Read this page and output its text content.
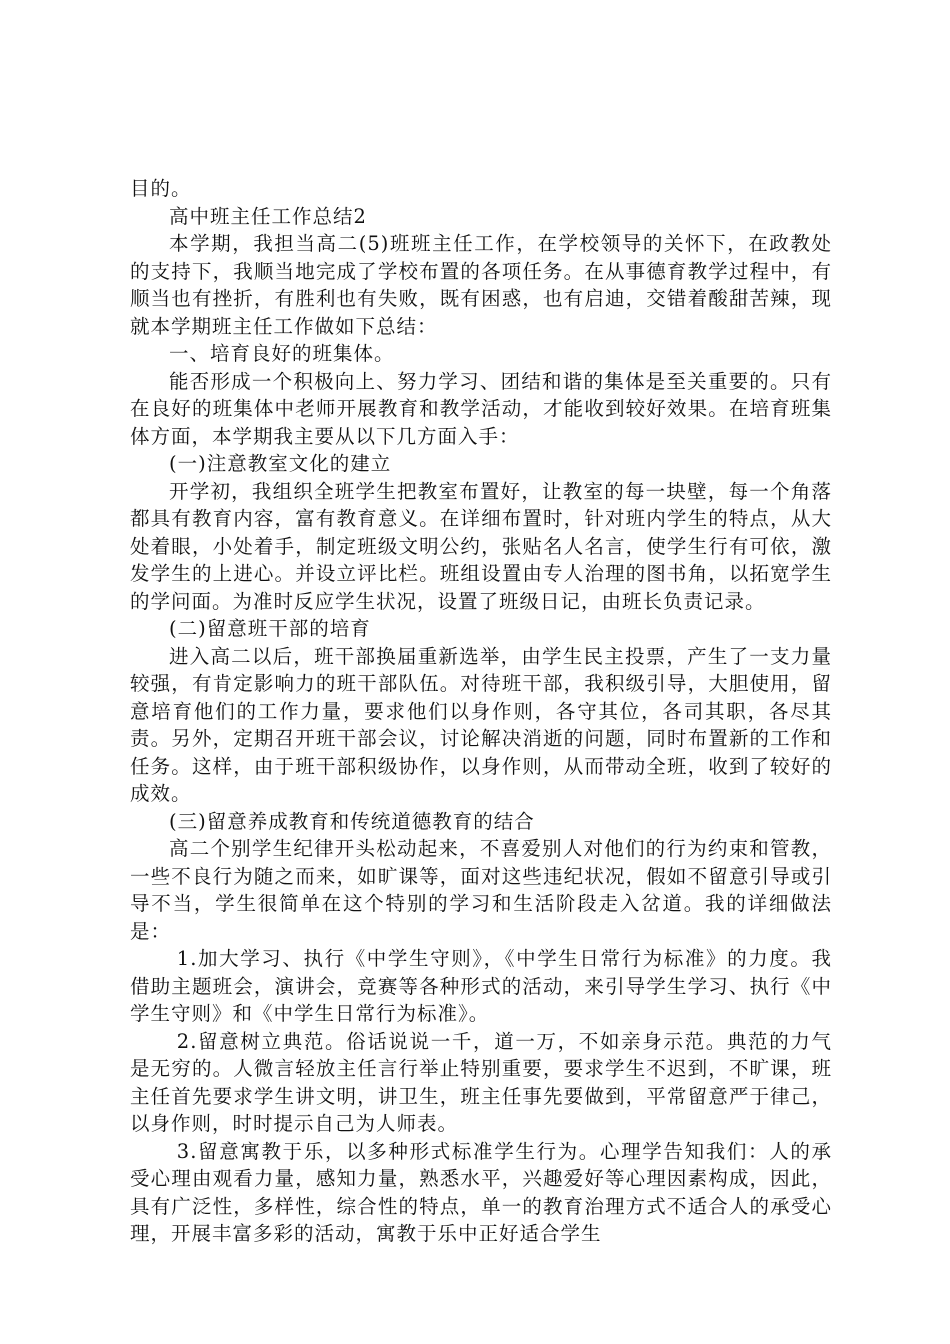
目的。

高中班主任工作总结2

本学期，我担当高二(5)班班主任工作，在学校领导的关怀下，在政教处的支持下，我顺当地完成了学校布置的各项任务。在从事德育教学过程中，有顺当也有挫折，有胜利也有失败，既有困惑，也有启迪，交错着酸甜苦辣，现就本学期班主任工作做如下总结：

一、培育良好的班集体。

能否形成一个积极向上、努力学习、团结和谐的集体是至关重要的。只有在良好的班集体中老师开展教育和教学活动，才能收到较好效果。在培育班集体方面，本学期我主要从以下几方面入手：

(一)注意教室文化的建立

开学初，我组织全班学生把教室布置好，让教室的每一块壁，每一个角落都具有教育内容，富有教育意义。在详细布置时，针对班内学生的特点，从大处着眼，小处着手，制定班级文明公约，张贴名人名言，使学生行有可依，激发学生的上进心。并设立评比栏。班组设置由专人治理的图书角，以拓宽学生的学问面。为准时反应学生状况，设置了班级日记，由班长负责记录。

(二)留意班干部的培育

进入高二以后，班干部换届重新选举，由学生民主投票，产生了一支力量较强，有肯定影响力的班干部队伍。对待班干部，我积级引导，大胆使用，留意培育他们的工作力量，要求他们以身作则，各守其位，各司其职，各尽其责。另外，定期召开班干部会议，讨论解决消逝的问题，同时布置新的工作和任务。这样，由于班干部积级协作，以身作则，从而带动全班，收到了较好的成效。

(三)留意养成教育和传统道德教育的结合

高二个别学生纪律开头松动起来，不喜爱别人对他们的行为约束和管教，一些不良行为随之而来，如旷课等，面对这些违纪状况，假如不留意引导或引导不当，学生很简单在这个特别的学习和生活阶段走入岔道。我的详细做法是：

1.加大学习、执行《中学生守则》，《中学生日常行为标准》的力度。我借助主题班会，演讲会，竞赛等各种形式的活动，来引导学生学习、执行《中学生守则》和《中学生日常行为标准》。

2.留意树立典范。俗话说说一千，道一万，不如亲身示范。典范的力气是无穷的。人微言轻放主任言行举止特别重要，要求学生不迟到，不旷课，班主任首先要求学生讲文明，讲卫生，班主任事先要做到，平常留意严于律己，以身作则，时时提示自己为人师表。

3.留意寓教于乐，以多种形式标准学生行为。心理学告知我们：人的承受心理由观看力量，感知力量，熟悉水平，兴趣爱好等心理因素构成，因此，具有广泛性，多样性，综合性的特点，单一的教育治理方式不适合人的承受心理，开展丰富多彩的活动，寓教于乐中正好适合学生
